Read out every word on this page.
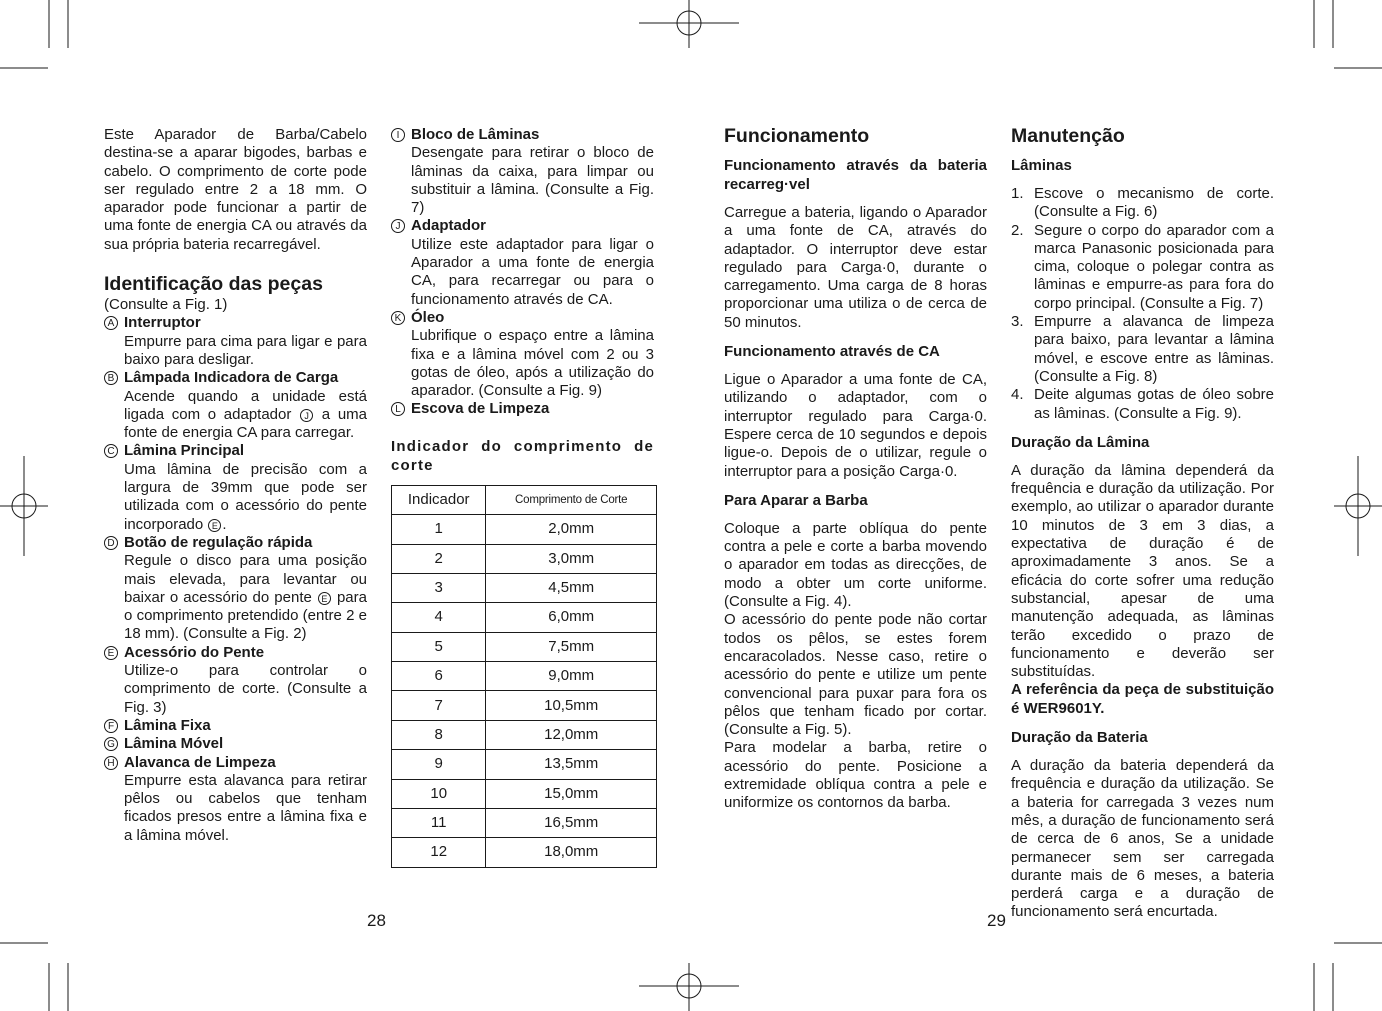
Este Aparador de Barba/Cabelo destina-se a aparar bigodes, barbas e cabelo. O comprimento de corte pode ser regulado entre 2 a 18 mm. O aparador pode funcionar a partir de uma fonte de energia CA ou através da sua própria bateria recarregável.

Identificação das peças

(Consulte a Fig. 1)

A Interruptor

Empurre para cima para ligar e para baixo para desligar.

B Lâmpada Indicadora de Carga

Acende quando a unidade está ligada com o adaptador J a uma fonte de energia CA para carregar.

C Lâmina Principal

Uma lâmina de precisão com a largura de 39mm que pode ser utilizada com o acessório do pente incorporado E .

D Botão de regulação rápida

Regule o disco para uma posição mais elevada, para levantar ou baixar o acessório do pente E para o comprimento pretendido (entre 2 e 18 mm). (Consulte a Fig. 2)

E Acessório do Pente

Utilize-o para controlar o comprimento de corte. (Consulte a Fig. 3)

F Lâmina Fixa
G Lâmina Móvel
H Alavanca de Limpeza

Empurre esta alavanca para retirar pêlos ou cabelos que tenham ficados presos entre a lâmina fixa e a lâmina móvel.

I Bloco de Lâminas

Desengate para retirar o bloco de lâminas da caixa, para limpar ou substituir a lâmina. (Consulte a Fig. 7)

J Adaptador

Utilize este adaptador para ligar o Aparador a uma fonte de energia CA, para recarregar ou para o funcionamento através de CA.

K Óleo

Lubrifique o espaço entre a lâmina fixa e a lâmina móvel com 2 ou 3 gotas de óleo, após a utilização do aparador. (Consulte a Fig. 9)

L Escova de Limpeza

Indicador do comprimento de corte

Indicador	Comprimento de Corte
1	2,0mm
2	3,0mm
3	4,5mm
4	6,0mm
5	7,5mm
6	9,0mm
7	10,5mm
8	12,0mm
9	13,5mm
10	15,0mm
11	16,5mm
12	18,0mm

Funcionamento

Funcionamento através da bateria recarreg·vel

Carregue a bateria, ligando o Aparador a uma fonte de CA, através do adaptador. O interruptor deve estar regulado para Carga·0, durante o carregamento. Uma carga de 8 horas proporcionar uma utiliza o de cerca de 50 minutos.

Funcionamento através de CA

Ligue o Aparador a uma fonte de CA, utilizando o adaptador, com o interruptor regulado para Carga·0. Espere cerca de 10 segundos e depois ligue-o. Depois de o utilizar, regule o interruptor para a posição Carga·0.

Para Aparar a Barba

Coloque a parte oblíqua do pente contra a pele e corte a barba movendo o aparador em todas as direcções, de modo a obter um corte uniforme. (Consulte a Fig. 4).

O acessório do pente pode não cortar todos os pêlos, se estes forem encaracolados. Nesse caso, retire o acessório do pente e utilize um pente convencional para puxar para fora os pêlos que tenham ficado por cortar. (Consulte a Fig. 5).

Para modelar a barba, retire o acessório do pente. Posicione a extremidade oblíqua contra a pele e uniformize os contornos da barba.

Manutenção

Lâminas

1. Escove o mecanismo de corte. (Consulte a Fig. 6)
2. Segure o corpo do aparador com a marca Panasonic posicionada para cima, coloque o polegar contra as lâminas e empurre-as para fora do corpo principal. (Consulte a Fig. 7)
3. Empurre a alavanca de limpeza para baixo, para levantar a lâmina móvel, e escove entre as lâminas. (Consulte a Fig. 8)
4. Deite algumas gotas de óleo sobre as lâminas. (Consulte a Fig. 9).

Duração da Lâmina

A duração da lâmina dependerá da frequência e duração da utilização. Por exemplo, ao utilizar o aparador durante 10 minutos de 3 em 3 dias, a expectativa de duração é de aproximadamente 3 anos. Se a eficácia do corte sofrer uma redução substancial, apesar de uma manutenção adequada, as lâminas terão excedido o prazo de funcionamento e deverão ser substituídas.

A referência da peça de substituição é WER9601Y.

Duração da Bateria

A duração da bateria dependerá da frequência e duração da utilização. Se a bateria for carregada 3 vezes num mês, a duração de funcionamento será de cerca de 6 anos, Se a unidade permanecer sem ser carregada durante mais de 6 meses, a bateria perderá carga e a duração de funcionamento será encurtada.

28	29
